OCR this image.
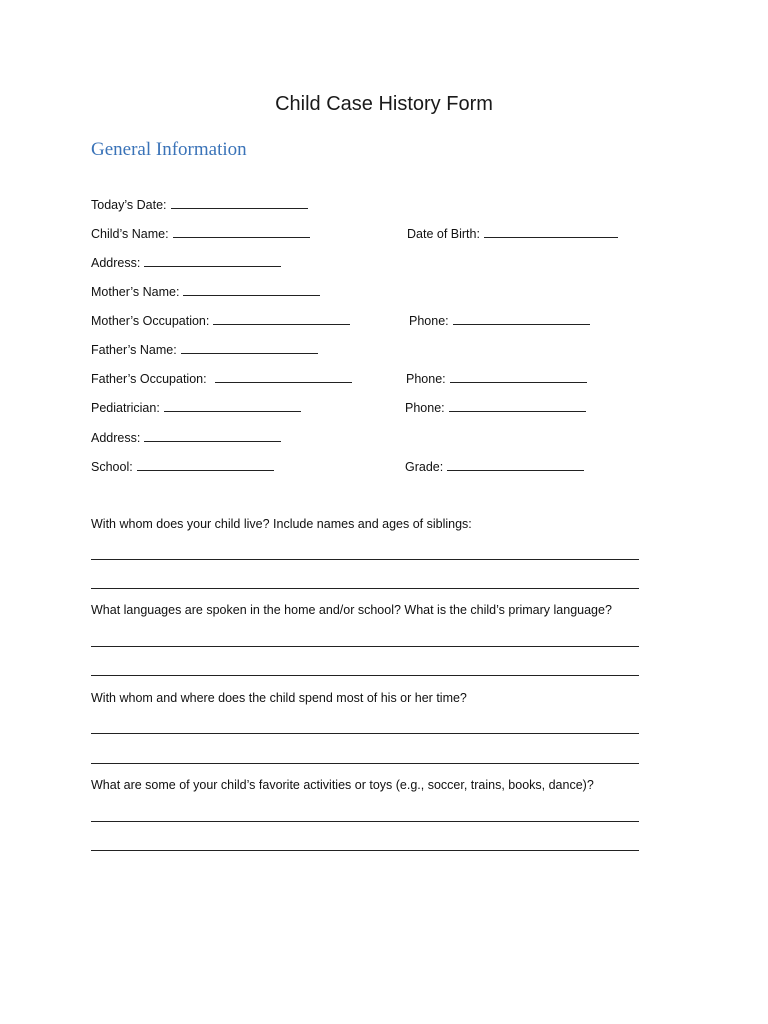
Child Case History Form
General Information
Today’s Date:
Child’s Name:	Date of Birth:
Address:
Mother’s Name:
Mother’s Occupation:	Phone:
Father’s Name:
Father’s Occupation:	Phone:
Pediatrician:	Phone:
Address:
School:	Grade:
With whom does your child live? Include names and ages of siblings:
What languages are spoken in the home and/or school? What is the child’s primary language?
With whom and where does the child spend most of his or her time?
What are some of your child’s favorite activities or toys (e.g., soccer, trains, books, dance)?
